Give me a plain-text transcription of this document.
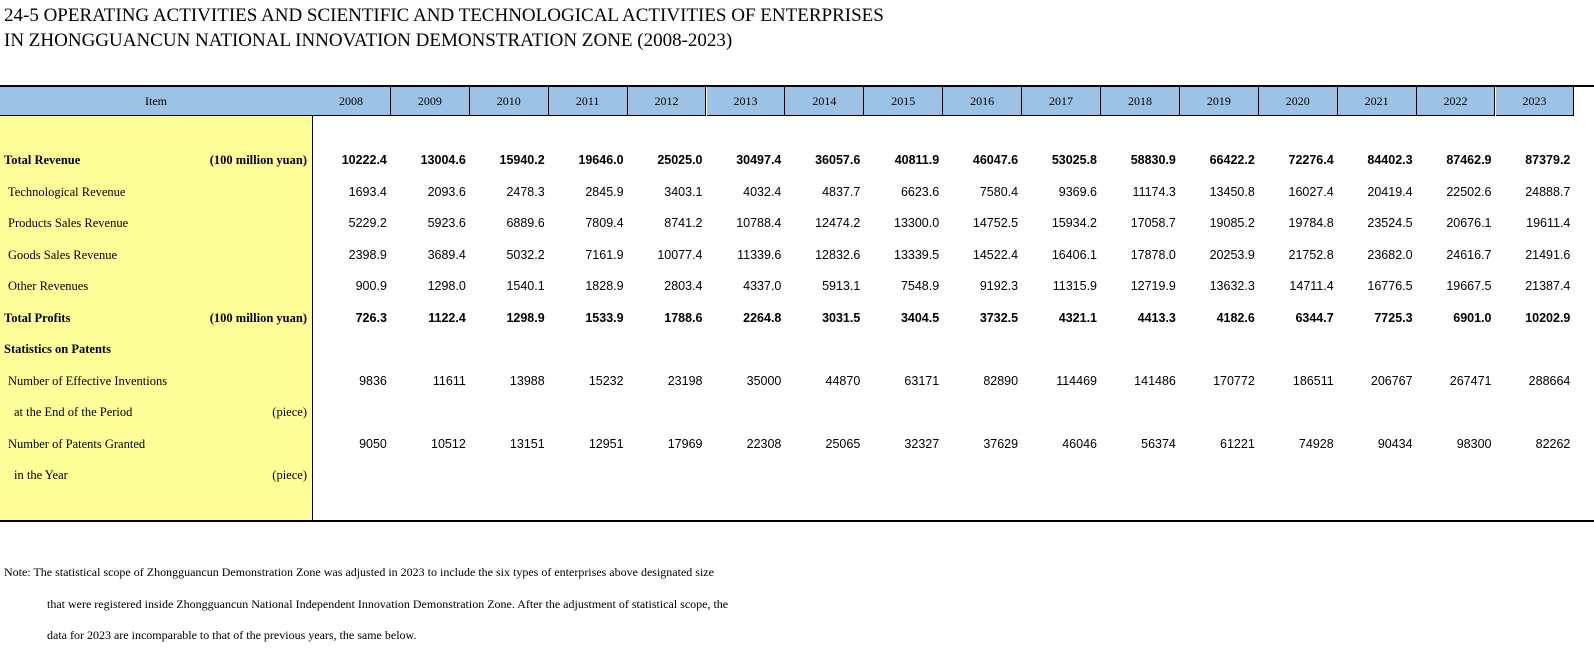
24-5 OPERATING ACTIVITIES AND SCIENTIFIC AND TECHNOLOGICAL ACTIVITIES OF ENTERPRISES
IN ZHONGGUANCUN NATIONAL INNOVATION DEMONSTRATION ZONE (2008-2023)
Item	2008	2009	2010	2011	2012	2013	2014	2015	2016	2017	2018	2019	2020	2021	2022	2023
Total Revenue	(100 million yuan)	10222.4	13004.6	15940.2	19646.0	25025.0	30497.4	36057.6	40811.9	46047.6	53025.8	58830.9	66422.2	72276.4	84402.3	87462.9	87379.2
Technological Revenue	1693.4	2093.6	2478.3	2845.9	3403.1	4032.4	4837.7	6623.6	7580.4	9369.6	11174.3	13450.8	16027.4	20419.4	22502.6	24888.7
Products Sales Revenue	5229.2	5923.6	6889.6	7809.4	8741.2	10788.4	12474.2	13300.0	14752.5	15934.2	17058.7	19085.2	19784.8	23524.5	20676.1	19611.4
Goods Sales Revenue	2398.9	3689.4	5032.2	7161.9	10077.4	11339.6	12832.6	13339.5	14522.4	16406.1	17878.0	20253.9	21752.8	23682.0	24616.7	21491.6
Other Revenues	900.9	1298.0	1540.1	1828.9	2803.4	4337.0	5913.1	7548.9	9192.3	11315.9	12719.9	13632.3	14711.4	16776.5	19667.5	21387.4
Total Profits	(100 million yuan)	726.3	1122.4	1298.9	1533.9	1788.6	2264.8	3031.5	3404.5	3732.5	4321.1	4413.3	4182.6	6344.7	7725.3	6901.0	10202.9
Statistics on Patents
Number of Effective Inventions	9836	11611	13988	15232	23198	35000	44870	63171	82890	114469	141486	170772	186511	206767	267471	288664
at the End of the Period	(piece)
Number of Patents Granted	9050	10512	13151	12951	17969	22308	25065	32327	37629	46046	56374	61221	74928	90434	98300	82262
in the Year	(piece)
Note: The statistical scope of Zhongguancun Demonstration Zone was adjusted in 2023 to include the six types of enterprises above designated size
that were registered inside Zhongguancun National Independent Innovation Demonstration Zone. After the adjustment of statistical scope, the
data for 2023 are incomparable to that of the previous years, the same below.
